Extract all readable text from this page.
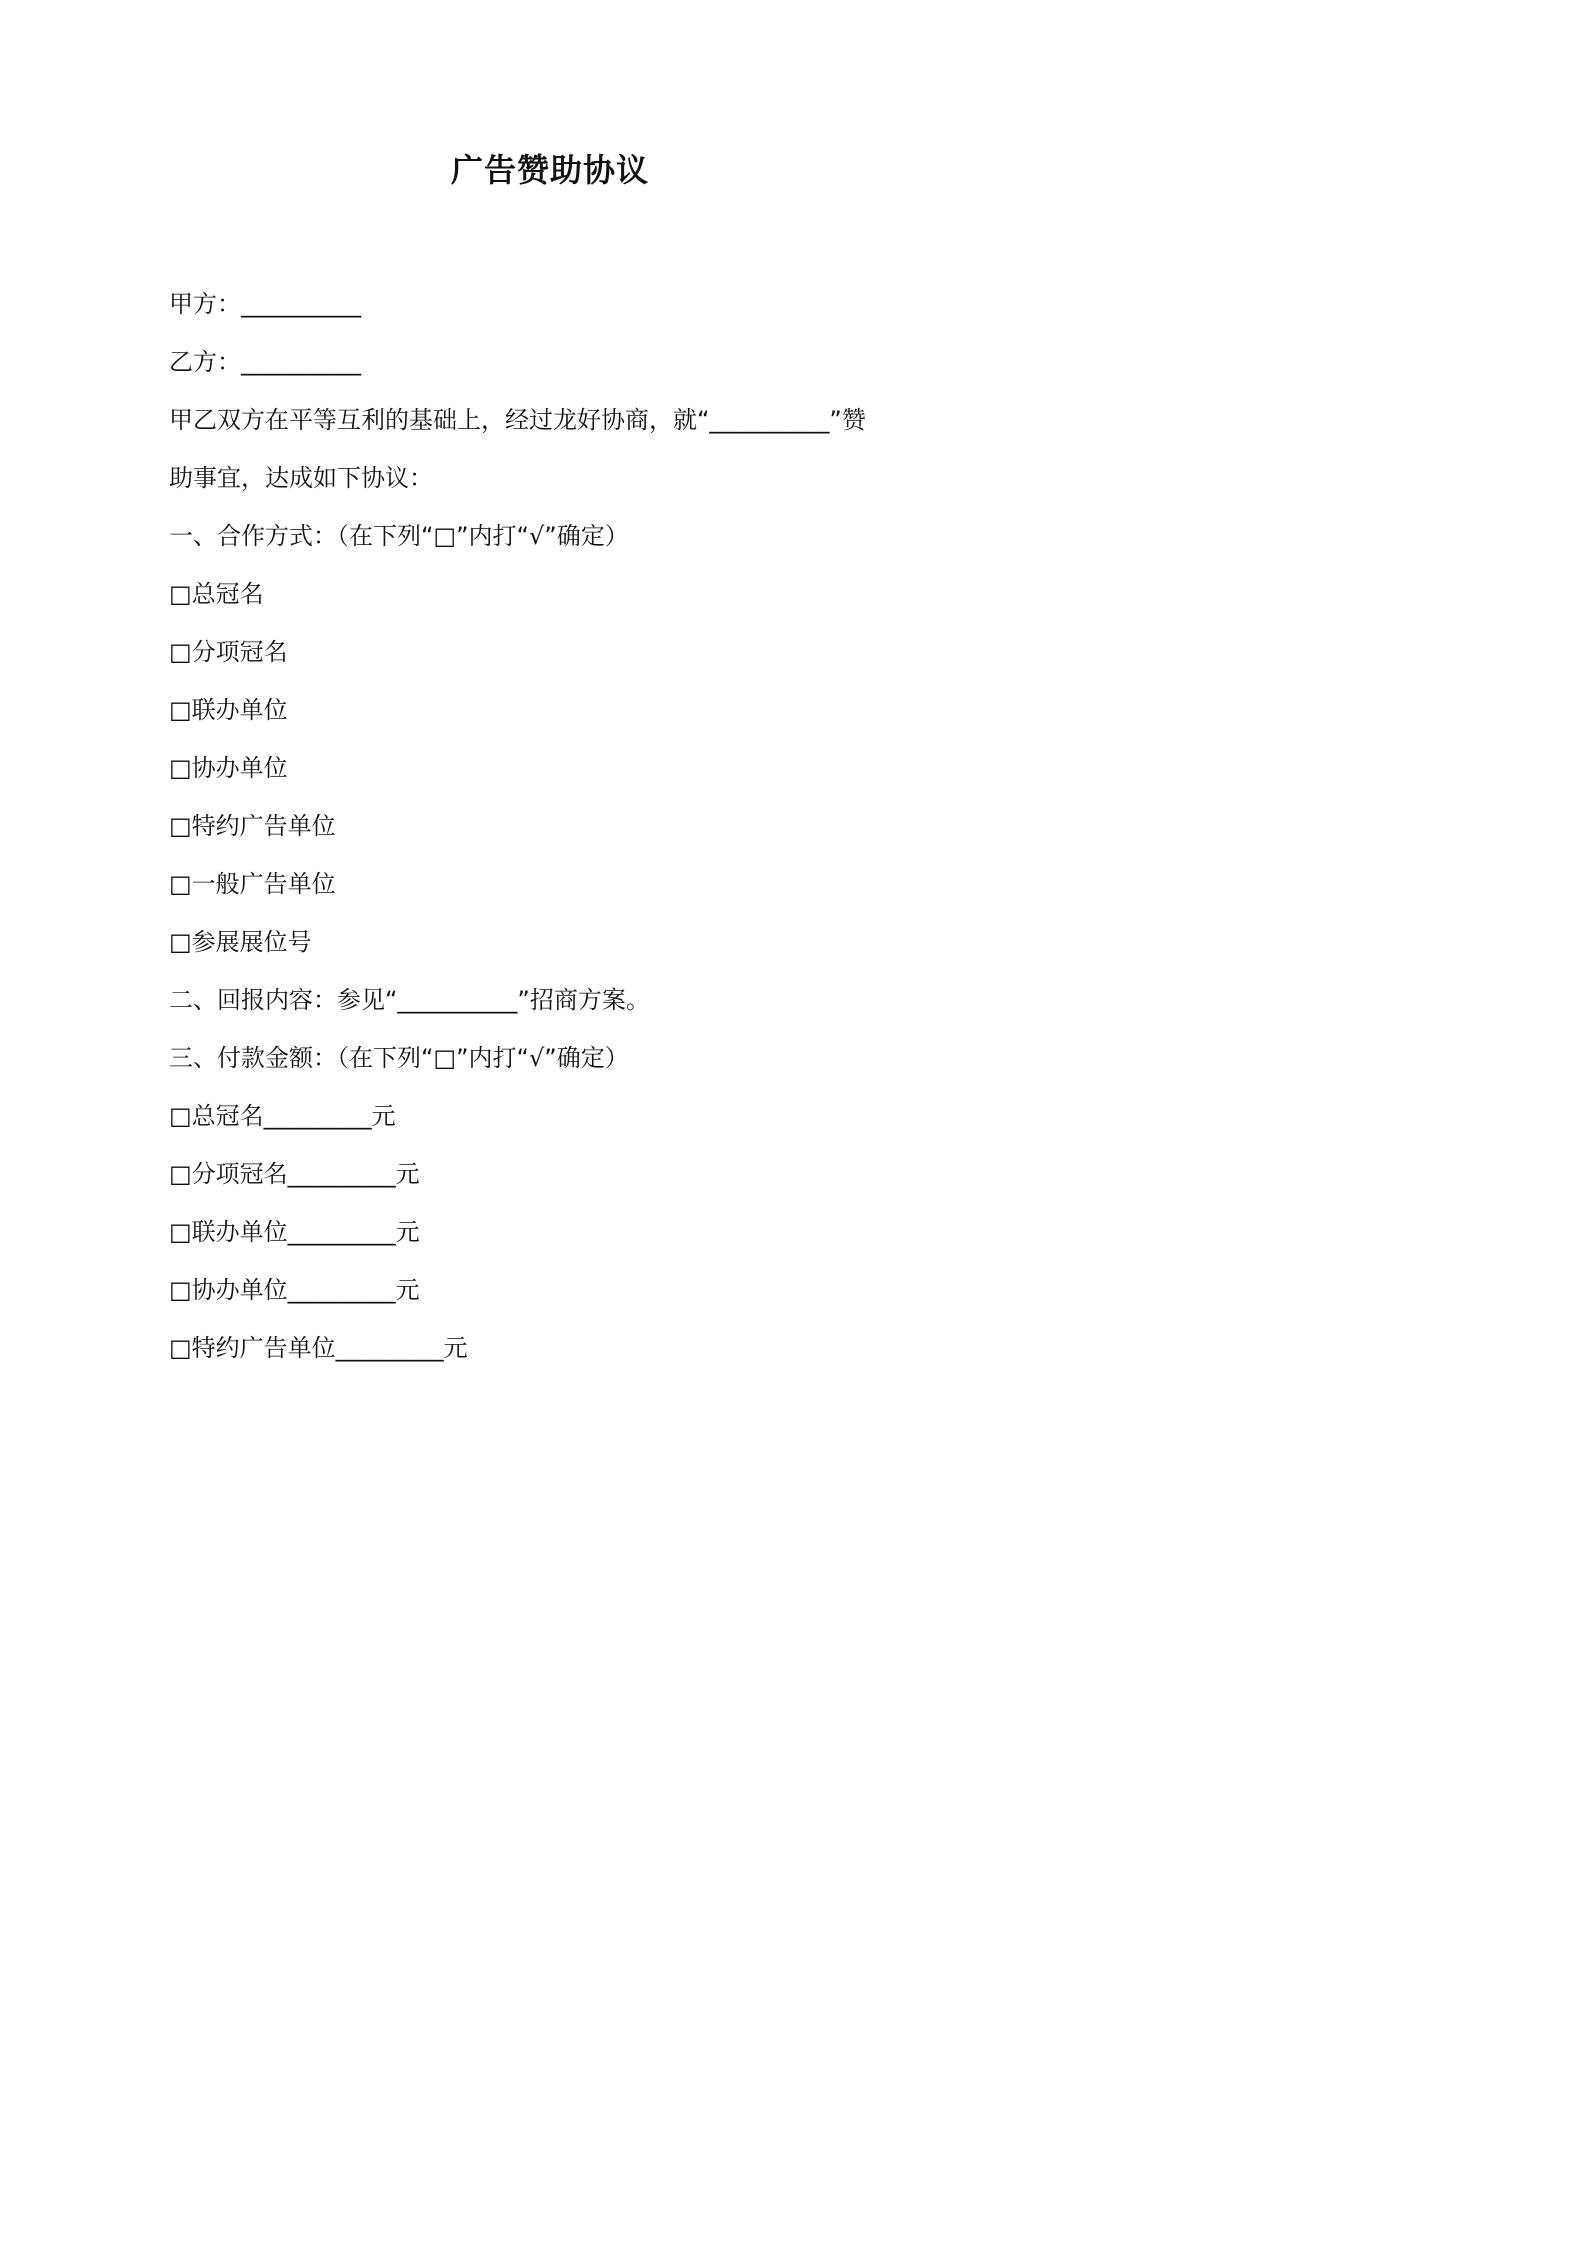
广告赞助协议
甲方：__________
乙方：__________
甲乙双方在平等互利的基础上，经过龙好协商，就“__________”赞
助事宜，达成如下协议：
一、合作方式：（在下列“□”内打“√”确定）
□总冠名
□分项冠名
□联办单位
□协办单位
□特约广告单位
□一般广告单位
□参展展位号
二、回报内容：参见“__________”招商方案。
三、付款金额：（在下列“□”内打“√”确定）
□总冠名_________元
□分项冠名_________元
□联办单位_________元
□协办单位_________元
□特约广告单位_________元
